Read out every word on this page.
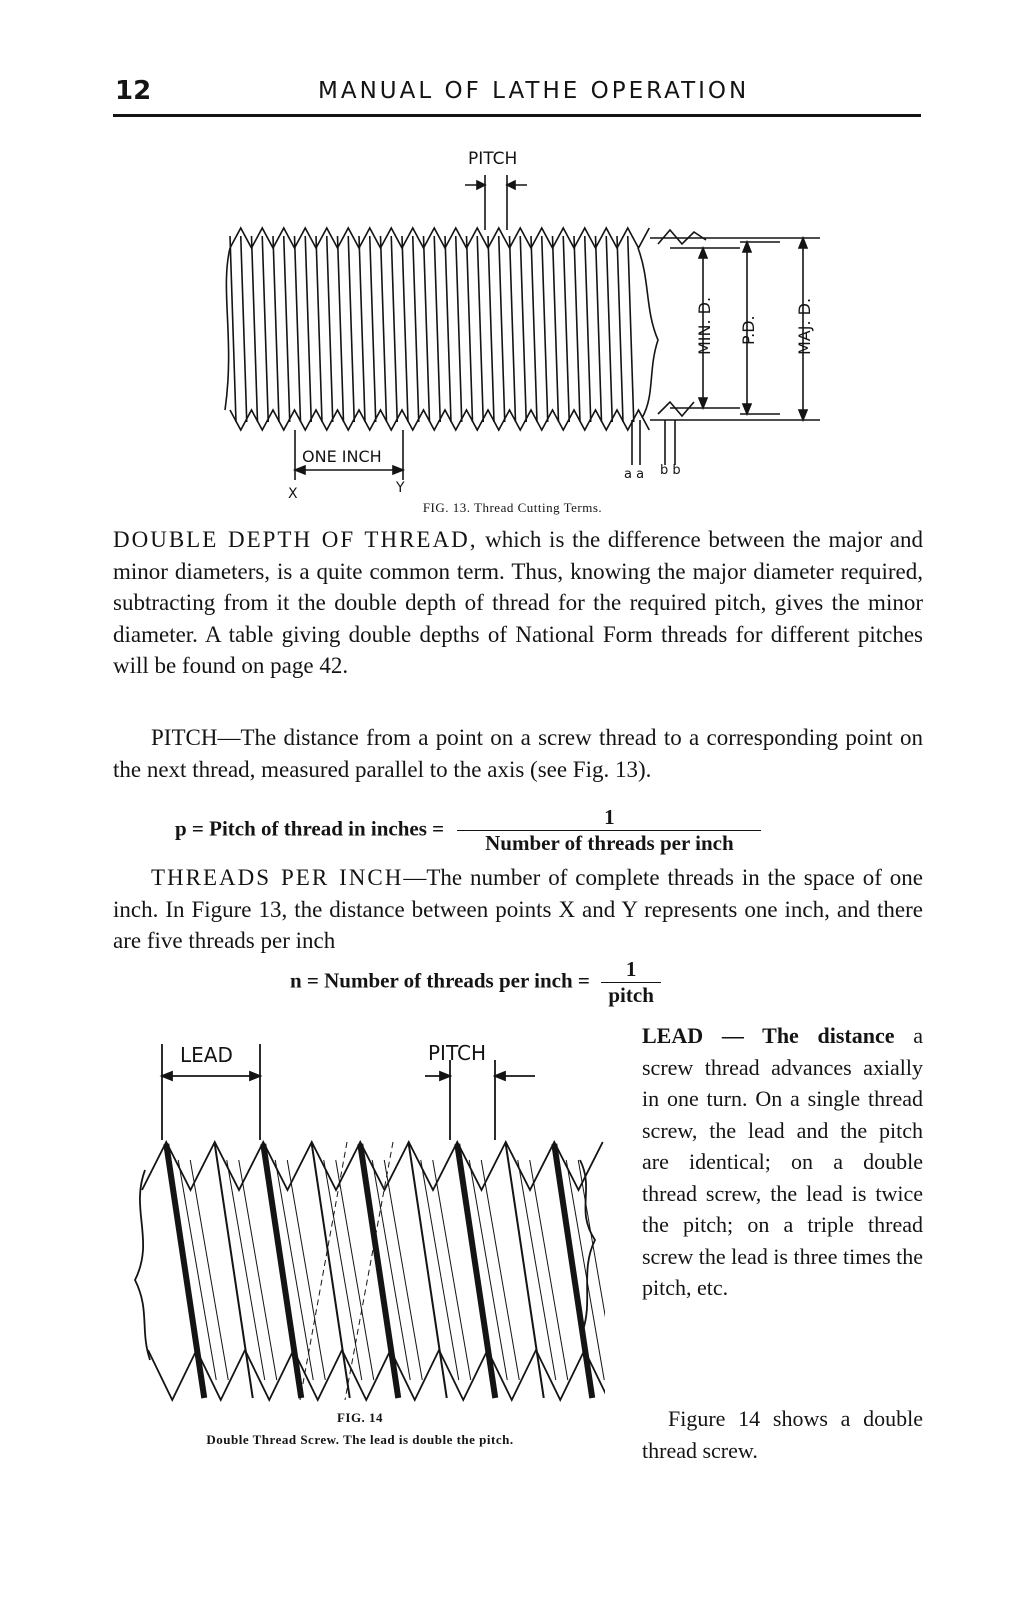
12	MANUAL OF LATHE OPERATION
PITCH
MIN. D. P.D. MAJ. D.
ONE INCH
X	Y
a a b b
FIG. 13. Thread Cutting Terms.
DOUBLE DEPTH OF THREAD, which is the difference between the major and minor diameters, is a quite common term. Thus, knowing the major diameter required, subtracting from it the double depth of thread for the required pitch, gives the minor diameter. A table giving double depths of National Form threads for different pitches will be found on page 42.
PITCH—The distance from a point on a screw thread to a corresponding point on the next thread, measured parallel to the axis (see Fig. 13).
p = Pitch of thread in inches = $\frac{1}{\text{Number of threads per inch}}$
THREADS PER INCH—The number of complete threads in the space of one inch. In Figure 13, the distance between points X and Y represents one inch, and there are five threads per inch
n = Number of threads per inch = $\frac{1}{\text{pitch}}$
LEAD	PITCH
FIG. 14
Double Thread Screw. The lead is double the pitch.
LEAD — The distance a screw thread advances axially in one turn. On a single thread screw, the lead and the pitch are identical; on a double thread screw, the lead is twice the pitch; on a triple thread screw the lead is three times the pitch, etc.
Figure 14 shows a double thread screw.
